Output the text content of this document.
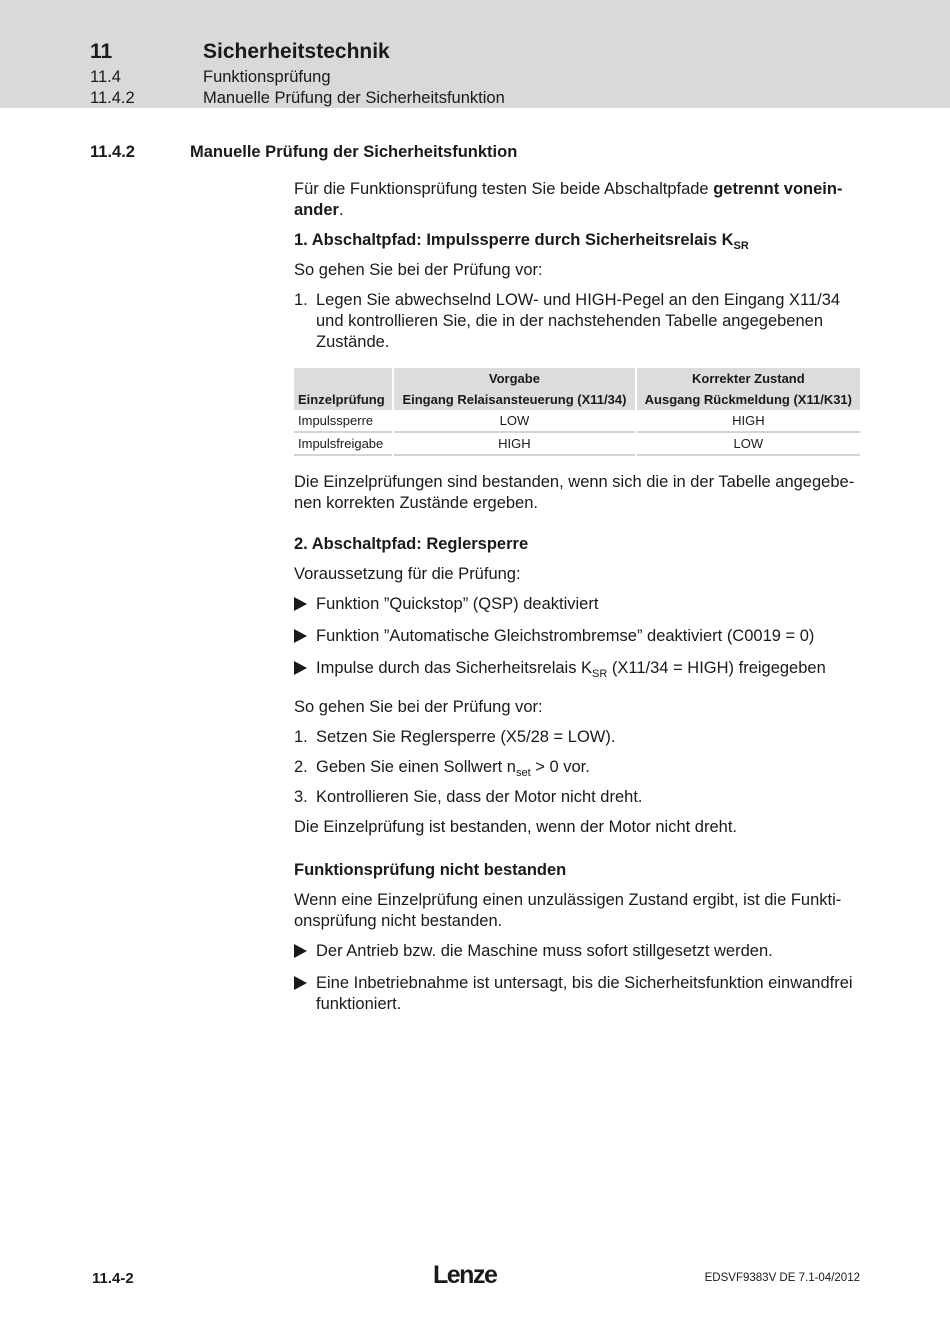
11	Sicherheitstechnik
11.4	Funktionsprüfung
11.4.2	Manuelle Prüfung der Sicherheitsfunktion
11.4.2	Manuelle Prüfung der Sicherheitsfunktion

Für die Funktionsprüfung testen Sie beide Abschaltpfade getrennt voneinander.

1. Abschaltpfad: Impulssperre durch Sicherheitsrelais $K_{SR}$

So gehen Sie bei der Prüfung vor:

1. Legen Sie abwechselnd LOW- und HIGH-Pegel an den Eingang X11/34 und kontrollieren Sie, die in der nachstehenden Tabelle angegebenen Zustände.
	Vorgabe	Korrekter Zustand
Einzelprüfung	Eingang Relaisansteuerung (X11/34)	Ausgang Rückmeldung (X11/K31)
Impulssperre	LOW	HIGH
Impulsfreigabe	HIGH	LOW

Die Einzelprüfungen sind bestanden, wenn sich die in der Tabelle angegebenen korrekten Zustände ergeben.

2. Abschaltpfad: Reglersperre

Voraussetzung für die Prüfung:

Funktion ”Quickstop” (QSP) deaktiviert
Funktion ”Automatische Gleichstrombremse” deaktiviert (C0019 = 0)
Impulse durch das Sicherheitsrelais $K_{SR}$ (X11/34 = HIGH) freigegeben

So gehen Sie bei der Prüfung vor:

1. Setzen Sie Reglersperre (X5/28 = LOW).
2. Geben Sie einen Sollwert $n_{set} > 0$ vor.
3. Kontrollieren Sie, dass der Motor nicht dreht.

Die Einzelprüfung ist bestanden, wenn der Motor nicht dreht.

Funktionsprüfung nicht bestanden

Wenn eine Einzelprüfung einen unzulässigen Zustand ergibt, ist die Funktionsprüfung nicht bestanden.

Der Antrieb bzw. die Maschine muss sofort stillgesetzt werden.
Eine Inbetriebnahme ist untersagt, bis die Sicherheitsfunktion einwandfrei funktioniert.
11.4-2	Lenze	EDSVF9383V DE 7.1-04/2012
